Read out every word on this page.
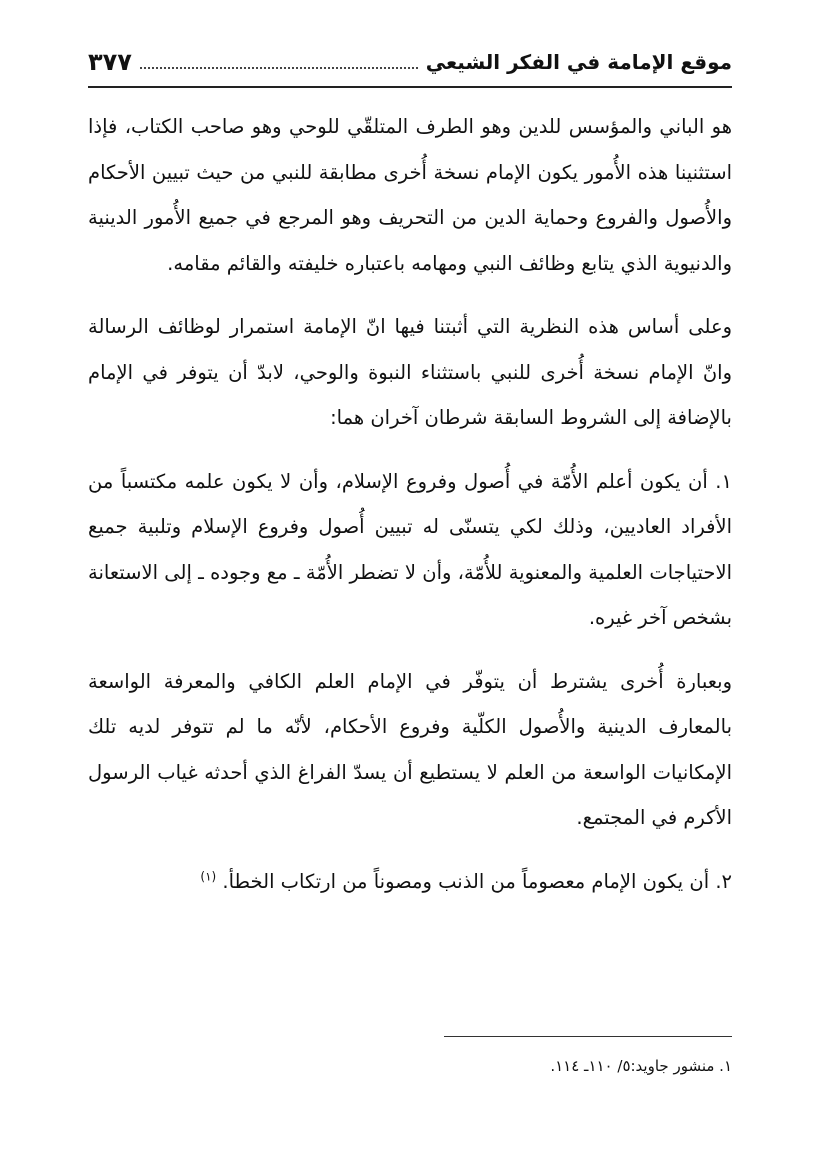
موقع الإمامة في الفكر الشيعي
٣٧٧

هو الباني والمؤسس للدين وهو الطرف المتلقّي للوحي وهو صاحب الكتاب، فإذا استثنينا هذه الأُمور يكون الإمام نسخة أُخرى مطابقة للنبي من حيث تبيين الأحكام والأُصول والفروع وحماية الدين من التحريف وهو المرجع في جميع الأُمور الدينية والدنيوية الذي يتابع وظائف النبي ومهامه باعتباره خليفته والقائم مقامه.

وعلى أساس هذه النظرية التي أثبتنا فيها انّ الإمامة استمرار لوظائف الرسالة وانّ الإمام نسخة أُخرى للنبي باستثناء النبوة والوحي، لابدّ أن يتوفر في الإمام بالإضافة إلى الشروط السابقة شرطان آخران هما:

١. أن يكون أعلم الأُمّة في أُصول وفروع الإسلام، وأن لا يكون علمه مكتسباً من الأفراد العاديين، وذلك لكي يتسنّى له تبيين أُصول وفروع الإسلام وتلبية جميع الاحتياجات العلمية والمعنوية للأُمّة، وأن لا تضطر الأُمّة ـ مع وجوده ـ إلى الاستعانة بشخص آخر غيره.

وبعبارة أُخرى يشترط أن يتوفّر في الإمام العلم الكافي والمعرفة الواسعة بالمعارف الدينية والأُصول الكلّية وفروع الأحكام، لأنّه ما لم تتوفر لديه تلك الإمكانيات الواسعة من العلم لا يستطيع أن يسدّ الفراغ الذي أحدثه غياب الرسول الأكرم في المجتمع.

٢. أن يكون الإمام معصوماً من الذنب ومصوناً من ارتكاب الخطأ. $^{(١)}$

١. منشور جاويد:٥/ ١١٠ـ ١١٤.
